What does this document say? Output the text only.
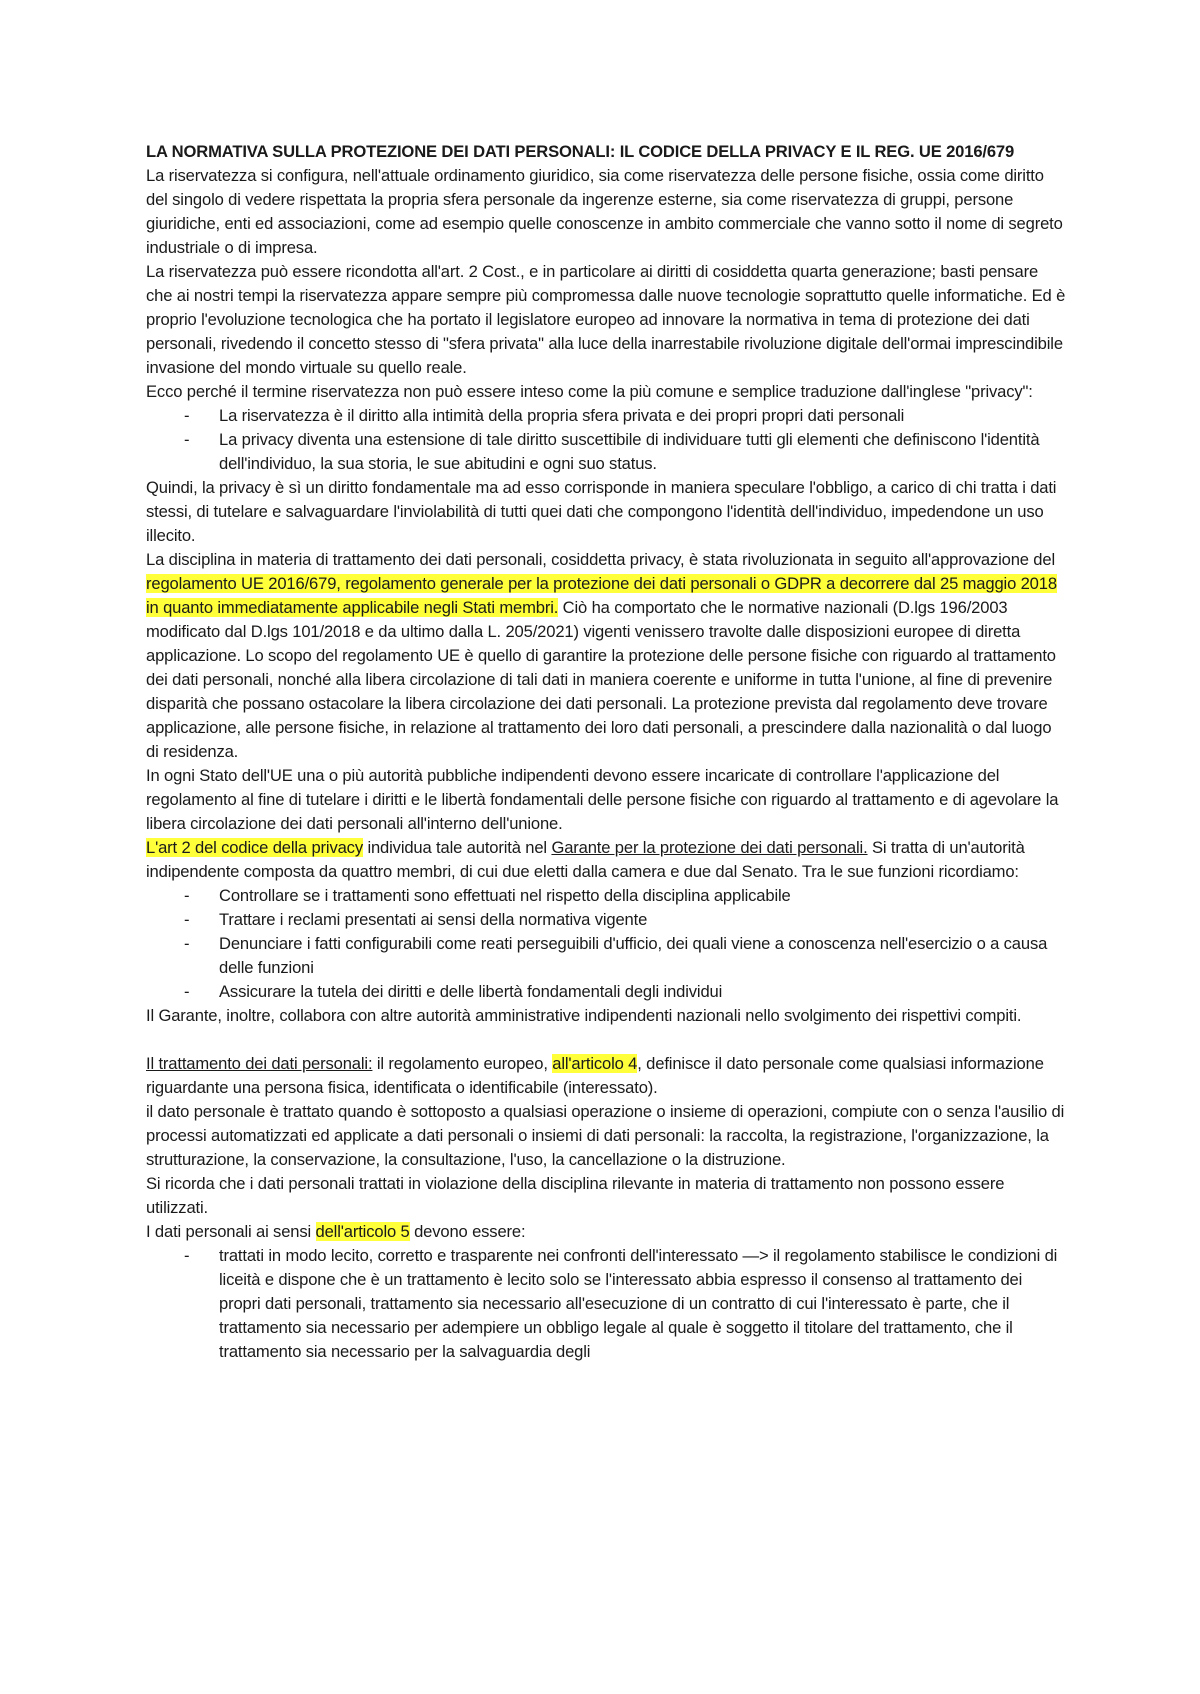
LA NORMATIVA SULLA PROTEZIONE DEI DATI PERSONALI: IL CODICE DELLA PRIVACY E IL REG. UE 2016/679

La riservatezza si configura, nell'attuale ordinamento giuridico, sia come riservatezza delle persone fisiche, ossia come diritto del singolo di vedere rispettata la propria sfera personale da ingerenze esterne, sia come riservatezza di gruppi, persone giuridiche, enti ed associazioni, come ad esempio quelle conoscenze in ambito commerciale che vanno sotto il nome di segreto industriale o di impresa.

La riservatezza può essere ricondotta all'art. 2 Cost., e in particolare ai diritti di cosiddetta quarta generazione; basti pensare che ai nostri tempi la riservatezza appare sempre più compromessa dalle nuove tecnologie soprattutto quelle informatiche. Ed è proprio l'evoluzione tecnologica che ha portato il legislatore europeo ad innovare la normativa in tema di protezione dei dati personali, rivedendo il concetto stesso di "sfera privata" alla luce della inarrestabile rivoluzione digitale dell'ormai imprescindibile invasione del mondo virtuale su quello reale.

Ecco perché il termine riservatezza non può essere inteso come la più comune e semplice traduzione dall'inglese "privacy":

- La riservatezza è il diritto alla intimità della propria sfera privata e dei propri propri dati personali
- La privacy diventa una estensione di tale diritto suscettibile di individuare tutti gli elementi che definiscono l'identità dell'individuo, la sua storia, le sue abitudini e ogni suo status.

Quindi, la privacy è sì un diritto fondamentale ma ad esso corrisponde in maniera speculare l'obbligo, a carico di chi tratta i dati stessi, di tutelare e salvaguardare l'inviolabilità di tutti quei dati che compongono l'identità dell'individuo, impedendone un uso illecito.

La disciplina in materia di trattamento dei dati personali, cosiddetta privacy, è stata rivoluzionata in seguito all'approvazione del regolamento UE 2016/679, regolamento generale per la protezione dei dati personali o GDPR a decorrere dal 25 maggio 2018 in quanto immediatamente applicabile negli Stati membri. Ciò ha comportato che le normative nazionali (D.lgs 196/2003 modificato dal D.lgs 101/2018 e da ultimo dalla L. 205/2021) vigenti venissero travolte dalle disposizioni europee di diretta applicazione. Lo scopo del regolamento UE è quello di garantire la protezione delle persone fisiche con riguardo al trattamento dei dati personali, nonché alla libera circolazione di tali dati in maniera coerente e uniforme in tutta l'unione, al fine di prevenire disparità che possano ostacolare la libera circolazione dei dati personali. La protezione prevista dal regolamento deve trovare applicazione, alle persone fisiche, in relazione al trattamento dei loro dati personali, a prescindere dalla nazionalità o dal luogo di residenza.

In ogni Stato dell'UE una o più autorità pubbliche indipendenti devono essere incaricate di controllare l'applicazione del regolamento al fine di tutelare i diritti e le libertà fondamentali delle persone fisiche con riguardo al trattamento e di agevolare la libera circolazione dei dati personali all'interno dell'unione.

L'art 2 del codice della privacy individua tale autorità nel Garante per la protezione dei dati personali. Si tratta di un'autorità indipendente composta da quattro membri, di cui due eletti dalla camera e due dal Senato. Tra le sue funzioni ricordiamo:

- Controllare se i trattamenti sono effettuati nel rispetto della disciplina applicabile
- Trattare i reclami presentati ai sensi della normativa vigente
- Denunciare i fatti configurabili come reati perseguibili d'ufficio, dei quali viene a conoscenza nell'esercizio o a causa delle funzioni
- Assicurare la tutela dei diritti e delle libertà fondamentali degli individui

Il Garante, inoltre, collabora con altre autorità amministrative indipendenti nazionali nello svolgimento dei rispettivi compiti.

Il trattamento dei dati personali: il regolamento europeo, all'articolo 4, definisce il dato personale come qualsiasi informazione riguardante una persona fisica, identificata o identificabile (interessato).

il dato personale è trattato quando è sottoposto a qualsiasi operazione o insieme di operazioni, compiute con o senza l'ausilio di processi automatizzati ed applicate a dati personali o insiemi di dati personali: la raccolta, la registrazione, l'organizzazione, la strutturazione, la conservazione, la consultazione, l'uso, la cancellazione o la distruzione.

Si ricorda che i dati personali trattati in violazione della disciplina rilevante in materia di trattamento non possono essere utilizzati.

I dati personali ai sensi dell'articolo 5 devono essere:

- trattati in modo lecito, corretto e trasparente nei confronti dell'interessato —> il regolamento stabilisce le condizioni di liceità e dispone che è un trattamento è lecito solo se l'interessato abbia espresso il consenso al trattamento dei propri dati personali, trattamento sia necessario all'esecuzione di un contratto di cui l'interessato è parte, che il trattamento sia necessario per adempiere un obbligo legale al quale è soggetto il titolare del trattamento, che il trattamento sia necessario per la salvaguardia degli
